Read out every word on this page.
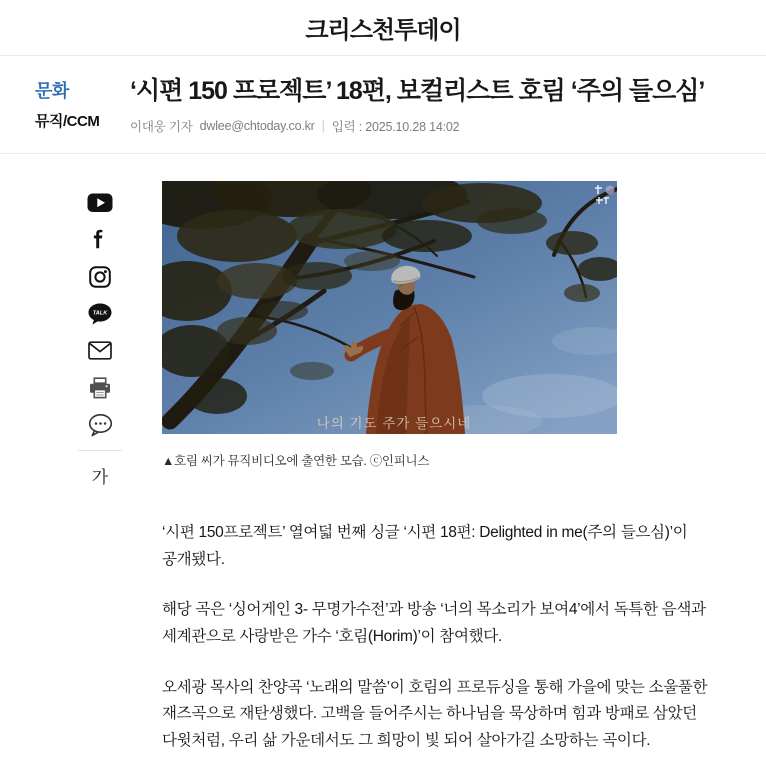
크리스천투데이
문화
뮤직/CCM
‘시편 150 프로젝트’ 18편, 보컬리스트 호림 ‘주의 들으심’
이대웅 기자 dwlee@chtoday.co.kr | 입력 : 2025.10.28 14:02
TALK
가
나의 기도 주가 들으시네
▲호림 씨가 뮤직비디오에 출연한 모습. ⓒ인피니스

‘시편 150프로젝트’ 열여덟 번째 싱글 ‘시편 18편: Delighted in me(주의 들으심)’이 공개됐다.

해당 곡은 ‘싱어게인 3- 무명가수전’과 방송 ‘너의 목소리가 보여4’에서 독특한 음색과 세계관으로 사랑받은 가수 ‘호림(Horim)’이 참여했다.

오세광 목사의 찬양곡 ‘노래의 말씀’이 호림의 프로듀싱을 통해 가을에 맞는 소울풀한 재즈곡으로 재탄생했다. 고백을 들어주시는 하나님을 묵상하며 힘과 방패로 삼았던 다윗처럼, 우리 삶 가운데서도 그 희망이 빛 되어 살아가길 소망하는 곡이다.
